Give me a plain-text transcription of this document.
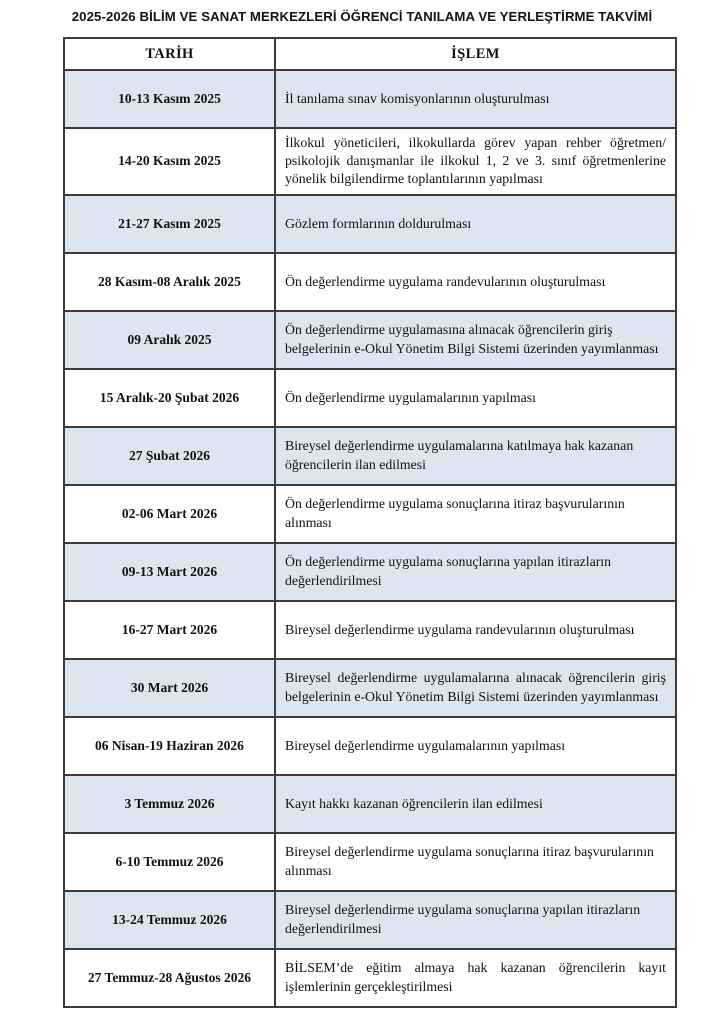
2025-2026 BİLİM VE SANAT MERKEZLERİ ÖĞRENCİ TANILAMA VE YERLEŞTİRME TAKVİMİ
TARİH	İŞLEM
10-13 Kasım 2025	İl tanılama sınav komisyonlarının oluşturulması
14-20 Kasım 2025	İlkokul yöneticileri, ilkokullarda görev yapan rehber öğretmen/ psikolojik danışmanlar ile ilkokul 1, 2 ve 3. sınıf öğretmenlerine yönelik bilgilendirme toplantılarının yapılması
21-27 Kasım 2025	Gözlem formlarının doldurulması
28 Kasım-08 Aralık 2025	Ön değerlendirme uygulama randevularının oluşturulması
09 Aralık 2025	Ön değerlendirme uygulamasına alınacak öğrencilerin giriş belgelerinin e-Okul Yönetim Bilgi Sistemi üzerinden yayımlanması
15 Aralık-20 Şubat 2026	Ön değerlendirme uygulamalarının yapılması
27 Şubat 2026	Bireysel değerlendirme uygulamalarına katılmaya hak kazanan öğrencilerin ilan edilmesi
02-06 Mart 2026	Ön değerlendirme uygulama sonuçlarına itiraz başvurularının alınması
09-13 Mart 2026	Ön değerlendirme uygulama sonuçlarına yapılan itirazların değerlendirilmesi
16-27 Mart 2026	Bireysel değerlendirme uygulama randevularının oluşturulması
30 Mart 2026	Bireysel değerlendirme uygulamalarına alınacak öğrencilerin giriş belgelerinin e-Okul Yönetim Bilgi Sistemi üzerinden yayımlanması
06 Nisan-19 Haziran 2026	Bireysel değerlendirme uygulamalarının yapılması
3 Temmuz 2026	Kayıt hakkı kazanan öğrencilerin ilan edilmesi
6-10 Temmuz 2026	Bireysel değerlendirme uygulama sonuçlarına itiraz başvurularının alınması
13-24 Temmuz 2026	Bireysel değerlendirme uygulama sonuçlarına yapılan itirazların değerlendirilmesi
27 Temmuz-28 Ağustos 2026	BİLSEM’de eğitim almaya hak kazanan öğrencilerin kayıt işlemlerinin gerçekleştirilmesi
